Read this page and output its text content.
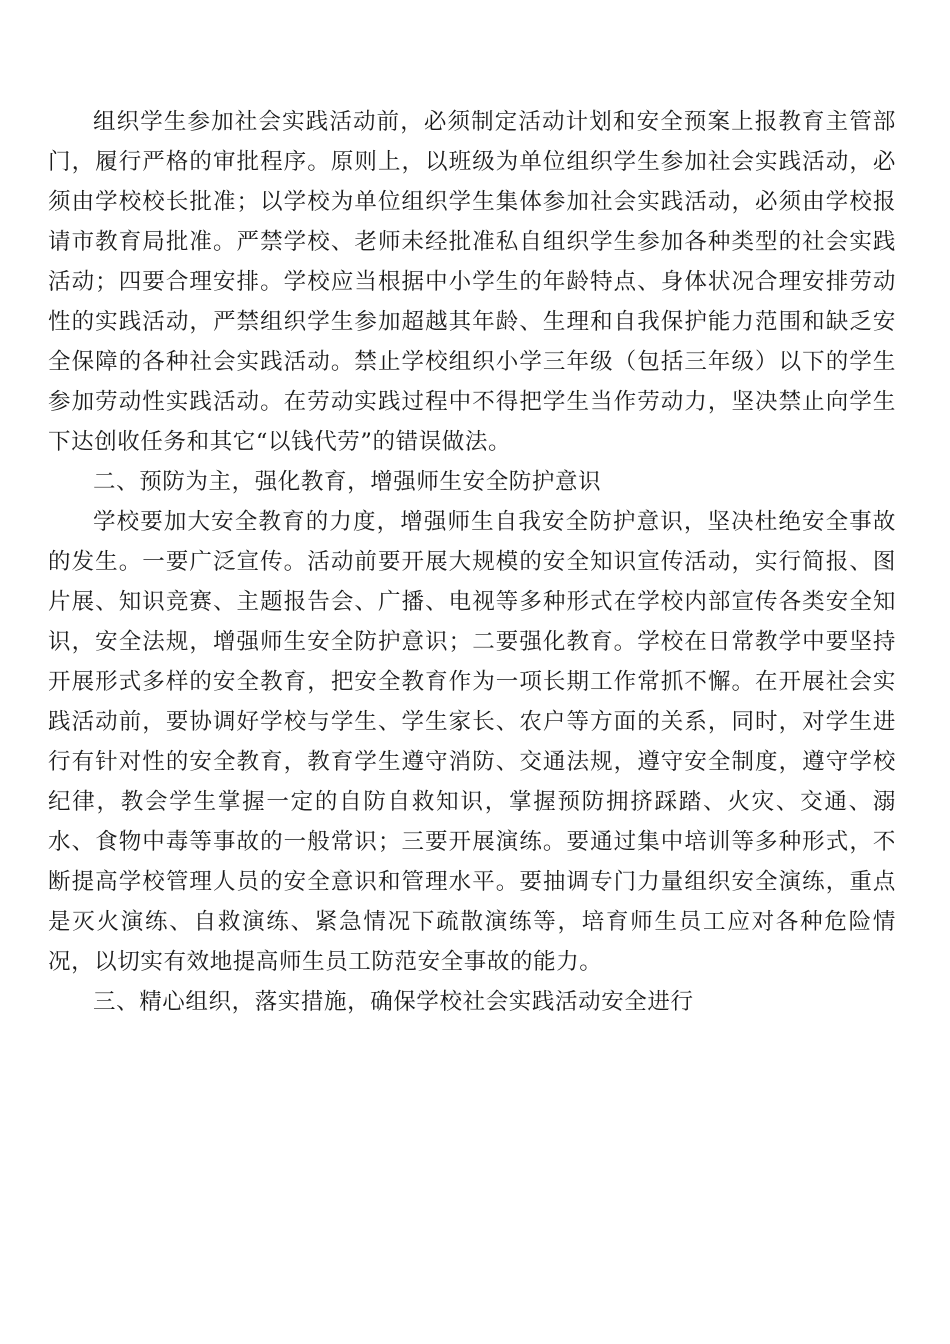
组织学生参加社会实践活动前，必须制定活动计划和安全预案上报教育主管部门，履行严格的审批程序。原则上，以班级为单位组织学生参加社会实践活动，必须由学校校长批准；以学校为单位组织学生集体参加社会实践活动，必须由学校报请市教育局批准。严禁学校、老师未经批准私自组织学生参加各种类型的社会实践活动；四要合理安排。学校应当根据中小学生的年龄特点、身体状况合理安排劳动性的实践活动，严禁组织学生参加超越其年龄、生理和自我保护能力范围和缺乏安全保障的各种社会实践活动。禁止学校组织小学三年级（包括三年级）以下的学生参加劳动性实践活动。在劳动实践过程中不得把学生当作劳动力，坚决禁止向学生下达创收任务和其它“以钱代劳”的错误做法。

二、预防为主，强化教育，增强师生安全防护意识

学校要加大安全教育的力度，增强师生自我安全防护意识，坚决杜绝安全事故的发生。一要广泛宣传。活动前要开展大规模的安全知识宣传活动，实行简报、图片展、知识竞赛、主题报告会、广播、电视等多种形式在学校内部宣传各类安全知识，安全法规，增强师生安全防护意识；二要强化教育。学校在日常教学中要坚持开展形式多样的安全教育，把安全教育作为一项长期工作常抓不懈。在开展社会实践活动前，要协调好学校与学生、学生家长、农户等方面的关系，同时，对学生进行有针对性的安全教育，教育学生遵守消防、交通法规，遵守安全制度，遵守学校纪律，教会学生掌握一定的自防自救知识，掌握预防拥挤踩踏、火灾、交通、溺水、食物中毒等事故的一般常识；三要开展演练。要通过集中培训等多种形式，不断提高学校管理人员的安全意识和管理水平。要抽调专门力量组织安全演练，重点是灭火演练、自救演练、紧急情况下疏散演练等，培育师生员工应对各种危险情况，以切实有效地提高师生员工防范安全事故的能力。

三、精心组织，落实措施，确保学校社会实践活动安全进行
